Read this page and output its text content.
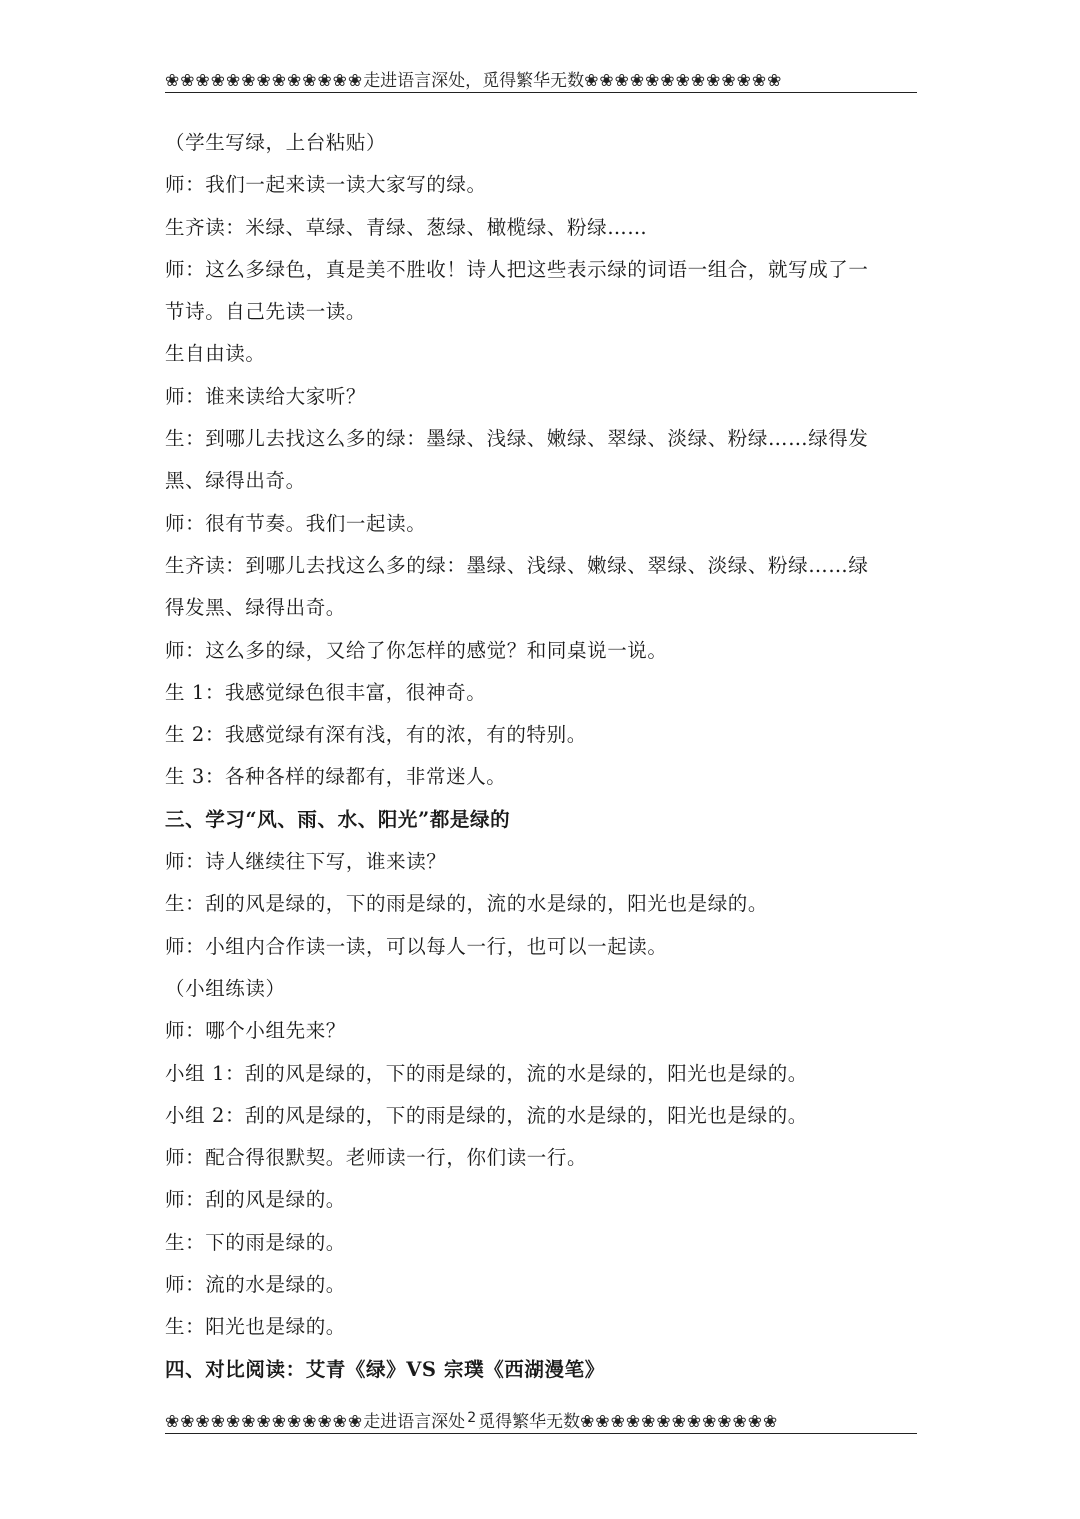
❀❀❀❀❀❀❀❀❀❀❀❀❀走进语言深处，觅得繁华无数❀❀❀❀❀❀❀❀❀❀❀❀❀
（学生写绿，上台粘贴）
师：我们一起来读一读大家写的绿。
生齐读：米绿、草绿、青绿、葱绿、橄榄绿、粉绿……
师：这么多绿色，真是美不胜收！诗人把这些表示绿的词语一组合，就写成了一
节诗。自己先读一读。
生自由读。
师：谁来读给大家听？
生：到哪儿去找这么多的绿：墨绿、浅绿、嫩绿、翠绿、淡绿、粉绿……绿得发
黑、绿得出奇。
师：很有节奏。我们一起读。
生齐读：到哪儿去找这么多的绿：墨绿、浅绿、嫩绿、翠绿、淡绿、粉绿……绿
得发黑、绿得出奇。
师：这么多的绿，又给了你怎样的感觉？和同桌说一说。
生 1：我感觉绿色很丰富，很神奇。
生 2：我感觉绿有深有浅，有的浓，有的特别。
生 3：各种各样的绿都有，非常迷人。
三、学习“风、雨、水、阳光”都是绿的
师：诗人继续往下写，谁来读？
生：刮的风是绿的，下的雨是绿的，流的水是绿的，阳光也是绿的。
师：小组内合作读一读，可以每人一行，也可以一起读。
（小组练读）
师：哪个小组先来？
小组 1：刮的风是绿的，下的雨是绿的，流的水是绿的，阳光也是绿的。
小组 2：刮的风是绿的，下的雨是绿的，流的水是绿的，阳光也是绿的。
师：配合得很默契。老师读一行，你们读一行。
师：刮的风是绿的。
生：下的雨是绿的。
师：流的水是绿的。
生：阳光也是绿的。
四、对比阅读：艾青《绿》VS 宗璞《西湖漫笔》
❀❀❀❀❀❀❀❀❀❀❀❀❀走进语言深处 $^2$ 觅得繁华无数❀❀❀❀❀❀❀❀❀❀❀❀❀
